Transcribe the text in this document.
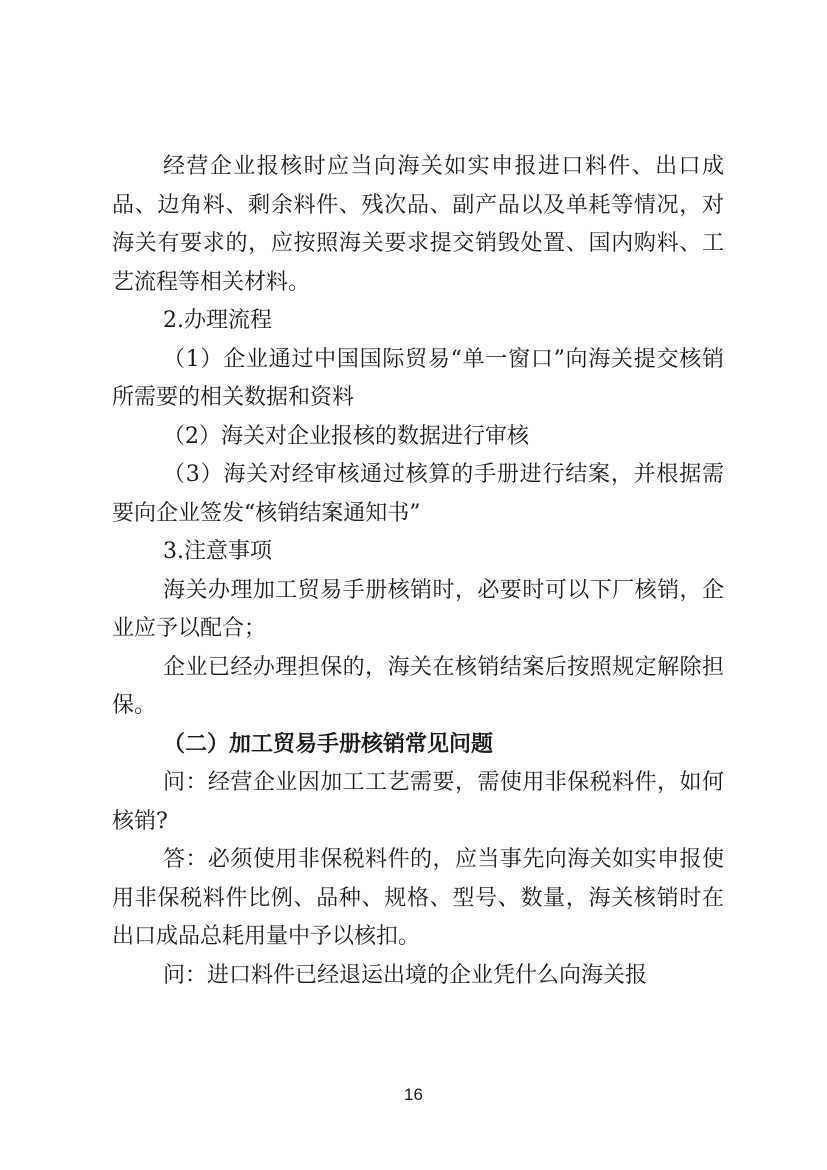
经营企业报核时应当向海关如实申报进口料件、出口成品、边角料、剩余料件、残次品、副产品以及单耗等情况，对海关有要求的，应按照海关要求提交销毁处置、国内购料、工艺流程等相关材料。

2.办理流程

（1）企业通过中国国际贸易“单一窗口”向海关提交核销所需要的相关数据和资料

（2）海关对企业报核的数据进行审核

（3）海关对经审核通过核算的手册进行结案，并根据需要向企业签发“核销结案通知书”

3.注意事项

海关办理加工贸易手册核销时，必要时可以下厂核销，企业应予以配合；

企业已经办理担保的，海关在核销结案后按照规定解除担保。

（二）加工贸易手册核销常见问题

问：经营企业因加工工艺需要，需使用非保税料件，如何核销?

答：必须使用非保税料件的，应当事先向海关如实申报使用非保税料件比例、品种、规格、型号、数量，海关核销时在出口成品总耗用量中予以核扣。

问：进口料件已经退运出境的企业凭什么向海关报

16
